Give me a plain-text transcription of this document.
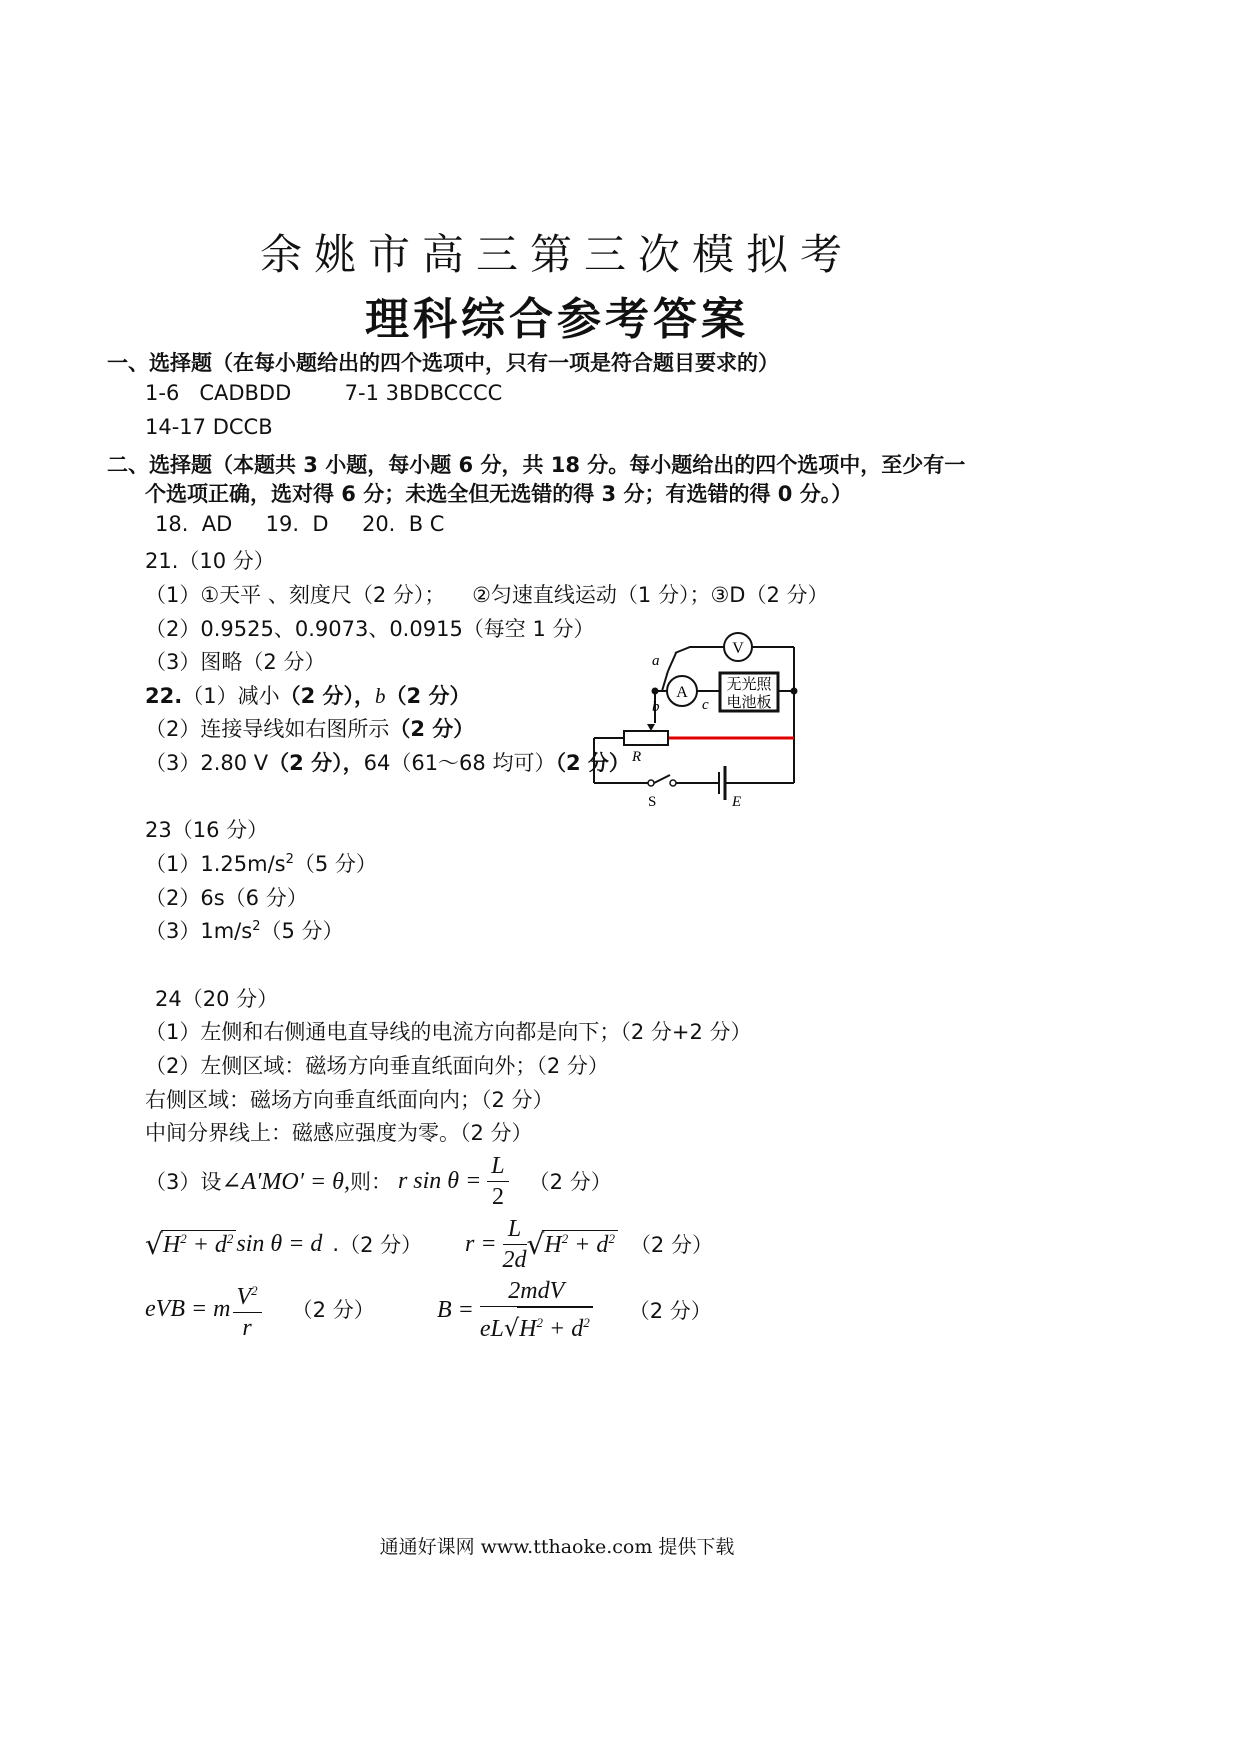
余姚市高三第三次模拟考
理科综合参考答案
一、选择题（在每小题给出的四个选项中，只有一项是符合题目要求的）
1-6   CADBDD        7-1 3BDBCCCC
14-17 DCCB
二、选择题（本题共 3 小题，每小题 6 分，共 18 分。每小题给出的四个选项中，至少有一
个选项正确，选对得 6 分；未选全但无选错的得 3 分；有选错的得 0 分。）
18.  AD     19.  D     20.  B C
21.（10 分）
（1）①天平 、刻度尺（2 分）；    ②匀速直线运动（1 分）；③D（2 分）
（2）0.9525、0.9073、0.0915（每空 1 分）
（3）图略（2 分）
22.（1）减小（2 分），b（2 分）
（2）连接导线如右图所示（2 分）
（3）2.80 V（2 分），64（61～68 均可）（2 分）
V
A	无光照
电池板
a
b	c
R
S	E
23（16 分）
$(1)1.25m/s^2(5$ 分）
（2）6s（6 分）
$(3)1m/s^2(5$ 分）
24（20 分）
（1）左侧和右侧通电直导线的电流方向都是向下；（2 分+2 分）
（2）左侧区域：磁场方向垂直纸面向外；（2 分）
右侧区域：磁场方向垂直纸面向内；（2 分）
中间分界线上：磁感应强度为零。（2 分）
（3）设 ∠A′MO′ = θ, 则： r $\sin \theta = \frac{L}{2} (2$ 分）
√ $H^2 + d^2$ sin θ = d . （2 分） $r = \frac{L}{2d}$ √ $H^2 + d^2$ （2 分）
eVB = m $\frac{V^2}{r} (2$ 分）	$B = \frac{\text{2mdV}}{eL√H^2 + d^2} (2$ 分）
通通好课网 www.tthaoke.com 提供下载
